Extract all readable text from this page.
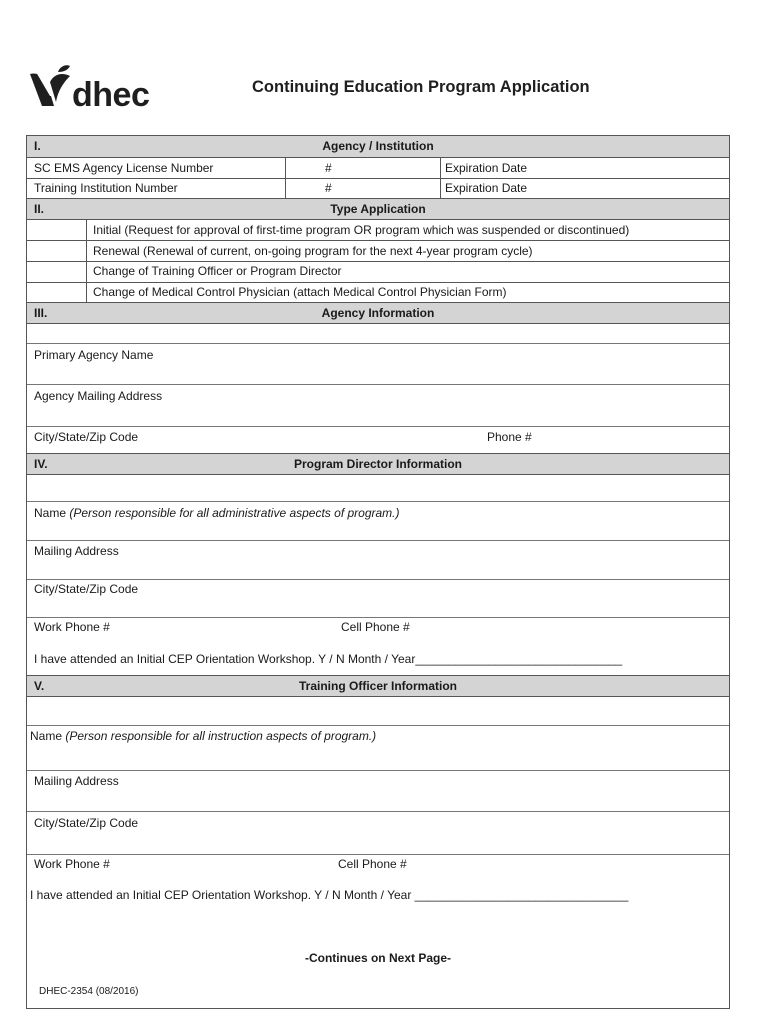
dhec	Continuing Education Program Application
I.	Agency / Institution
SC EMS Agency License Number	#	Expiration Date
Training Institution Number	#	Expiration Date
II.	Type Application
Initial (Request for approval of first-time program OR program which was suspended or discontinued)
Renewal (Renewal of current, on-going program for the next 4-year program cycle)
Change of Training Officer or Program Director
Change of Medical Control Physician (attach Medical Control Physician Form)
III.	Agency Information
Primary Agency Name
Agency Mailing Address
City/State/Zip Code	Phone #
IV.	Program Director Information
Name (Person responsible for all administrative aspects of program.)
Mailing Address
City/State/Zip Code
Work Phone #	Cell Phone #
I have attended an Initial CEP Orientation Workshop. Y / N Month / Year_______________________________
V.	Training Officer Information
Name (Person responsible for all instruction aspects of program.)
Mailing Address
City/State/Zip Code
Work Phone #	Cell Phone #
I have attended an Initial CEP Orientation Workshop. Y / N Month / Year ________________________________
-Continues on Next Page-
DHEC-2354 (08/2016)
